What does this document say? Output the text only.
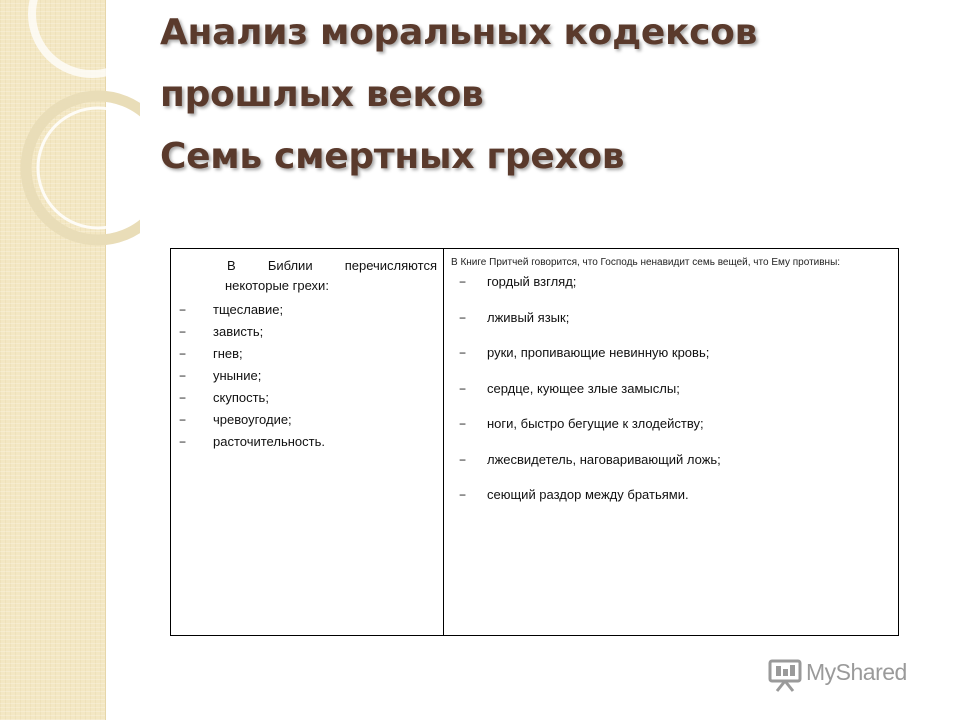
Анализ моральных кодексов
прошлых веков
Семь смертных грехов
В Библии перечисляются
некоторые грехи:
− тщеславие;
− зависть;
− гнев;
− уныние;
− скупость;
− чревоугодие;
− расточительность.

В Книге Притчей говорится, что Господь ненавидит семь вещей, что Ему противны:

− гордый взгляд;
− лживый язык;
− руки, пропивающие невинную кровь;
− сердце, кующее злые замыслы;
− ноги, быстро бегущие к злодейству;
− лжесвидетель, наговаривающий ложь;
− сеющий раздор между братьями.
MyShared
